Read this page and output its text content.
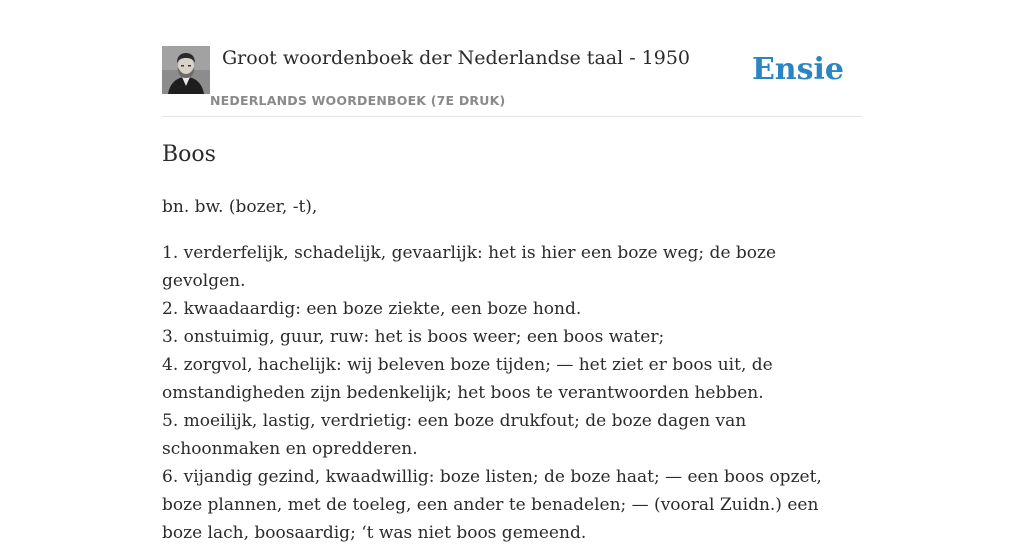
Groot woordenboek der Nederlandse taal - 1950
NEDERLANDS WOORDENBOEK (7E DRUK)
Ensie
Boos
bn. bw. (bozer, -t),
1. verderfelijk, schadelijk, gevaarlijk: het is hier een boze weg; de boze gevolgen.
2. kwaadaardig: een boze ziekte, een boze hond.
3. onstuimig, guur, ruw: het is boos weer; een boos water;
4. zorgvol, hachelijk: wij beleven boze tijden; — het ziet er boos uit, de omstandigheden zijn bedenkelijk; het boos te verantwoorden hebben.
5. moeilijk, lastig, verdrietig: een boze drukfout; de boze dagen van schoonmaken en opredderen.
6. vijandig gezind, kwaadwillig: boze listen; de boze haat; — een boos opzet, boze plannen, met de toeleg, een ander te benadelen; — (vooral Zuidn.) een boze lach, boosaardig; ‘t was niet boos gemeend.
